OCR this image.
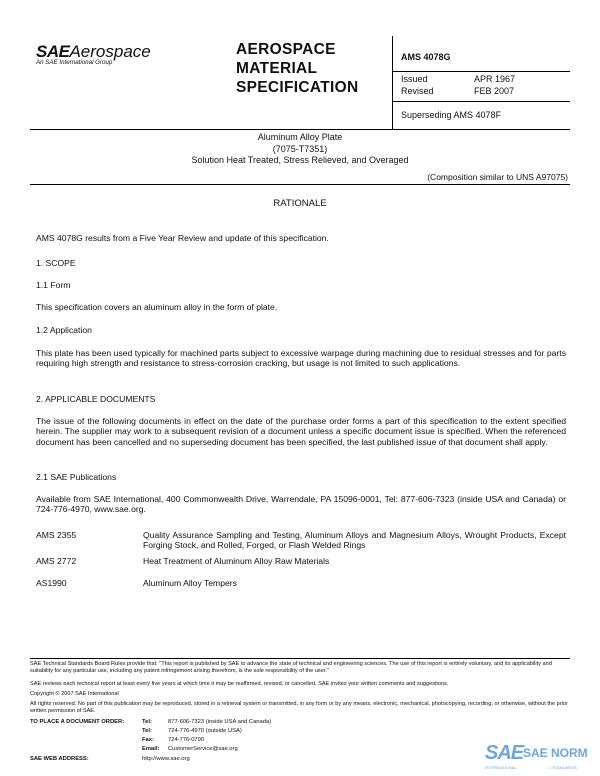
SAEAerospace
An SAE International Group
AEROSPACE
MATERIAL
SPECIFICATION
AMS 4078G
Issued	APR 1967
Revised	FEB 2007
Superseding AMS 4078F
Aluminum Alloy Plate
(7075-T7351)
Solution Heat Treated, Stress Relieved, and Overaged
(Composition similar to UNS A97075)
RATIONALE
AMS 4078G results from a Five Year Review and update of this specification.
1. SCOPE
1.1 Form
This specification covers an aluminum alloy in the form of plate.
1.2 Application
This plate has been used typically for machined parts subject to excessive warpage during machining due to residual stresses and for parts requiring high strength and resistance to stress-corrosion cracking, but usage is not limited to such applications.
2. APPLICABLE DOCUMENTS
The issue of the following documents in effect on the date of the purchase order forms a part of this specification to the extent specified herein. The supplier may work to a subsequent revision of a document unless a specific document issue is specified. When the referenced document has been cancelled and no superseding document has been specified, the last published issue of that document shall apply.
2.1 SAE Publications
Available from SAE International, 400 Commonwealth Drive, Warrendale, PA 15096-0001, Tel: 877-606-7323 (inside USA and Canada) or 724-776-4970, www.sae.org.
AMS 2355	Quality Assurance Sampling and Testing, Aluminum Alloys and Magnesium Alloys, Wrought Products, Except Forging Stock, and Rolled, Forged, or Flash Welded Rings
AMS 2772	Heat Treatment of Aluminum Alloy Raw Materials
AS1990	Aluminum Alloy Tempers
SAE Technical Standards Board Rules provide that: "This report is published by SAE to advance the state of technical and engineering sciences. The use of this report is entirely voluntary, and its applicability and suitability for any particular use, including any patent infringement arising therefrom, is the sole responsibility of the user."
SAE reviews each technical report at least every five years at which time it may be reaffirmed, revised, or cancelled. SAE invites your written comments and suggestions.
Copyright © 2007 SAE International
All rights reserved. No part of this publication may be reproduced, stored in a retrieval system or transmitted, in any form or by any means, electronic, mechanical, photocopying, recording, or otherwise, without the prior written permission of SAE.
TO PLACE A DOCUMENT ORDER:	Tel:	877-606-7323 (inside USA and Canada)
Tel:	724-776-4970 (outside USA)
Fax: 724-776-0790
Email: CustomerService@sae.org
SAE WEB ADDRESS:	http://www.sae.org	SAE SAE NORM
INTERNATIONAL	1 STANDARDS
